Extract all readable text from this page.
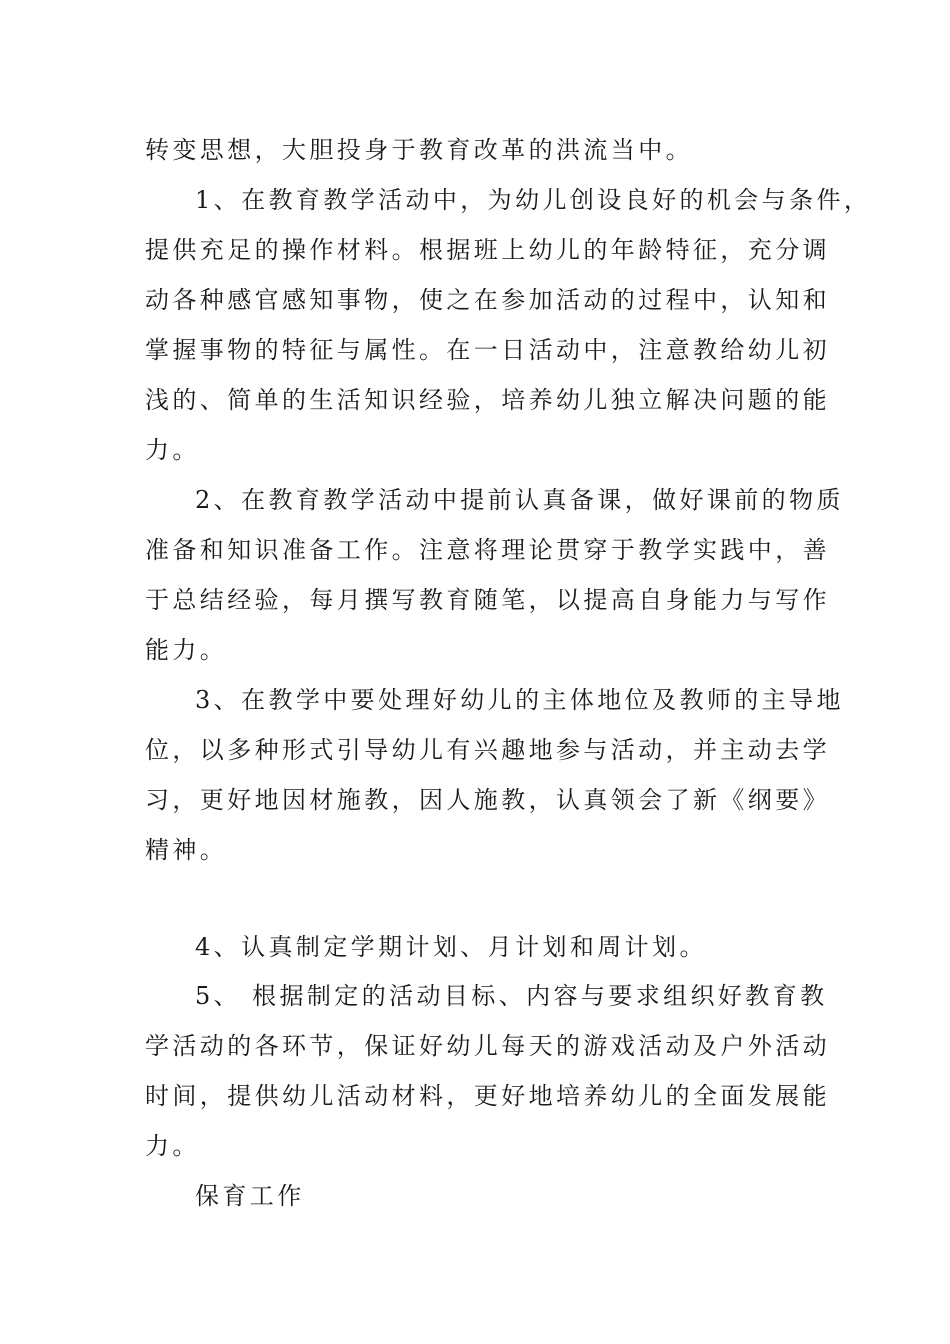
转变思想，大胆投身于教育改革的洪流当中。
1、在教育教学活动中，为幼儿创设良好的机会与条件，
提供充足的操作材料。根据班上幼儿的年龄特征，充分调
动各种感官感知事物，使之在参加活动的过程中，认知和
掌握事物的特征与属性。在一日活动中，注意教给幼儿初
浅的、简单的生活知识经验，培养幼儿独立解决问题的能
力。
2、在教育教学活动中提前认真备课，做好课前的物质
准备和知识准备工作。注意将理论贯穿于教学实践中，善
于总结经验，每月撰写教育随笔，以提高自身能力与写作
能力。
3、在教学中要处理好幼儿的主体地位及教师的主导地
位，以多种形式引导幼儿有兴趣地参与活动，并主动去学
习，更好地因材施教，因人施教，认真领会了新《纲要》
精神。
4、认真制定学期计划、月计划和周计划。
5、 根据制定的活动目标、内容与要求组织好教育教
学活动的各环节，保证好幼儿每天的游戏活动及户外活动
时间，提供幼儿活动材料，更好地培养幼儿的全面发展能
力。
保育工作
